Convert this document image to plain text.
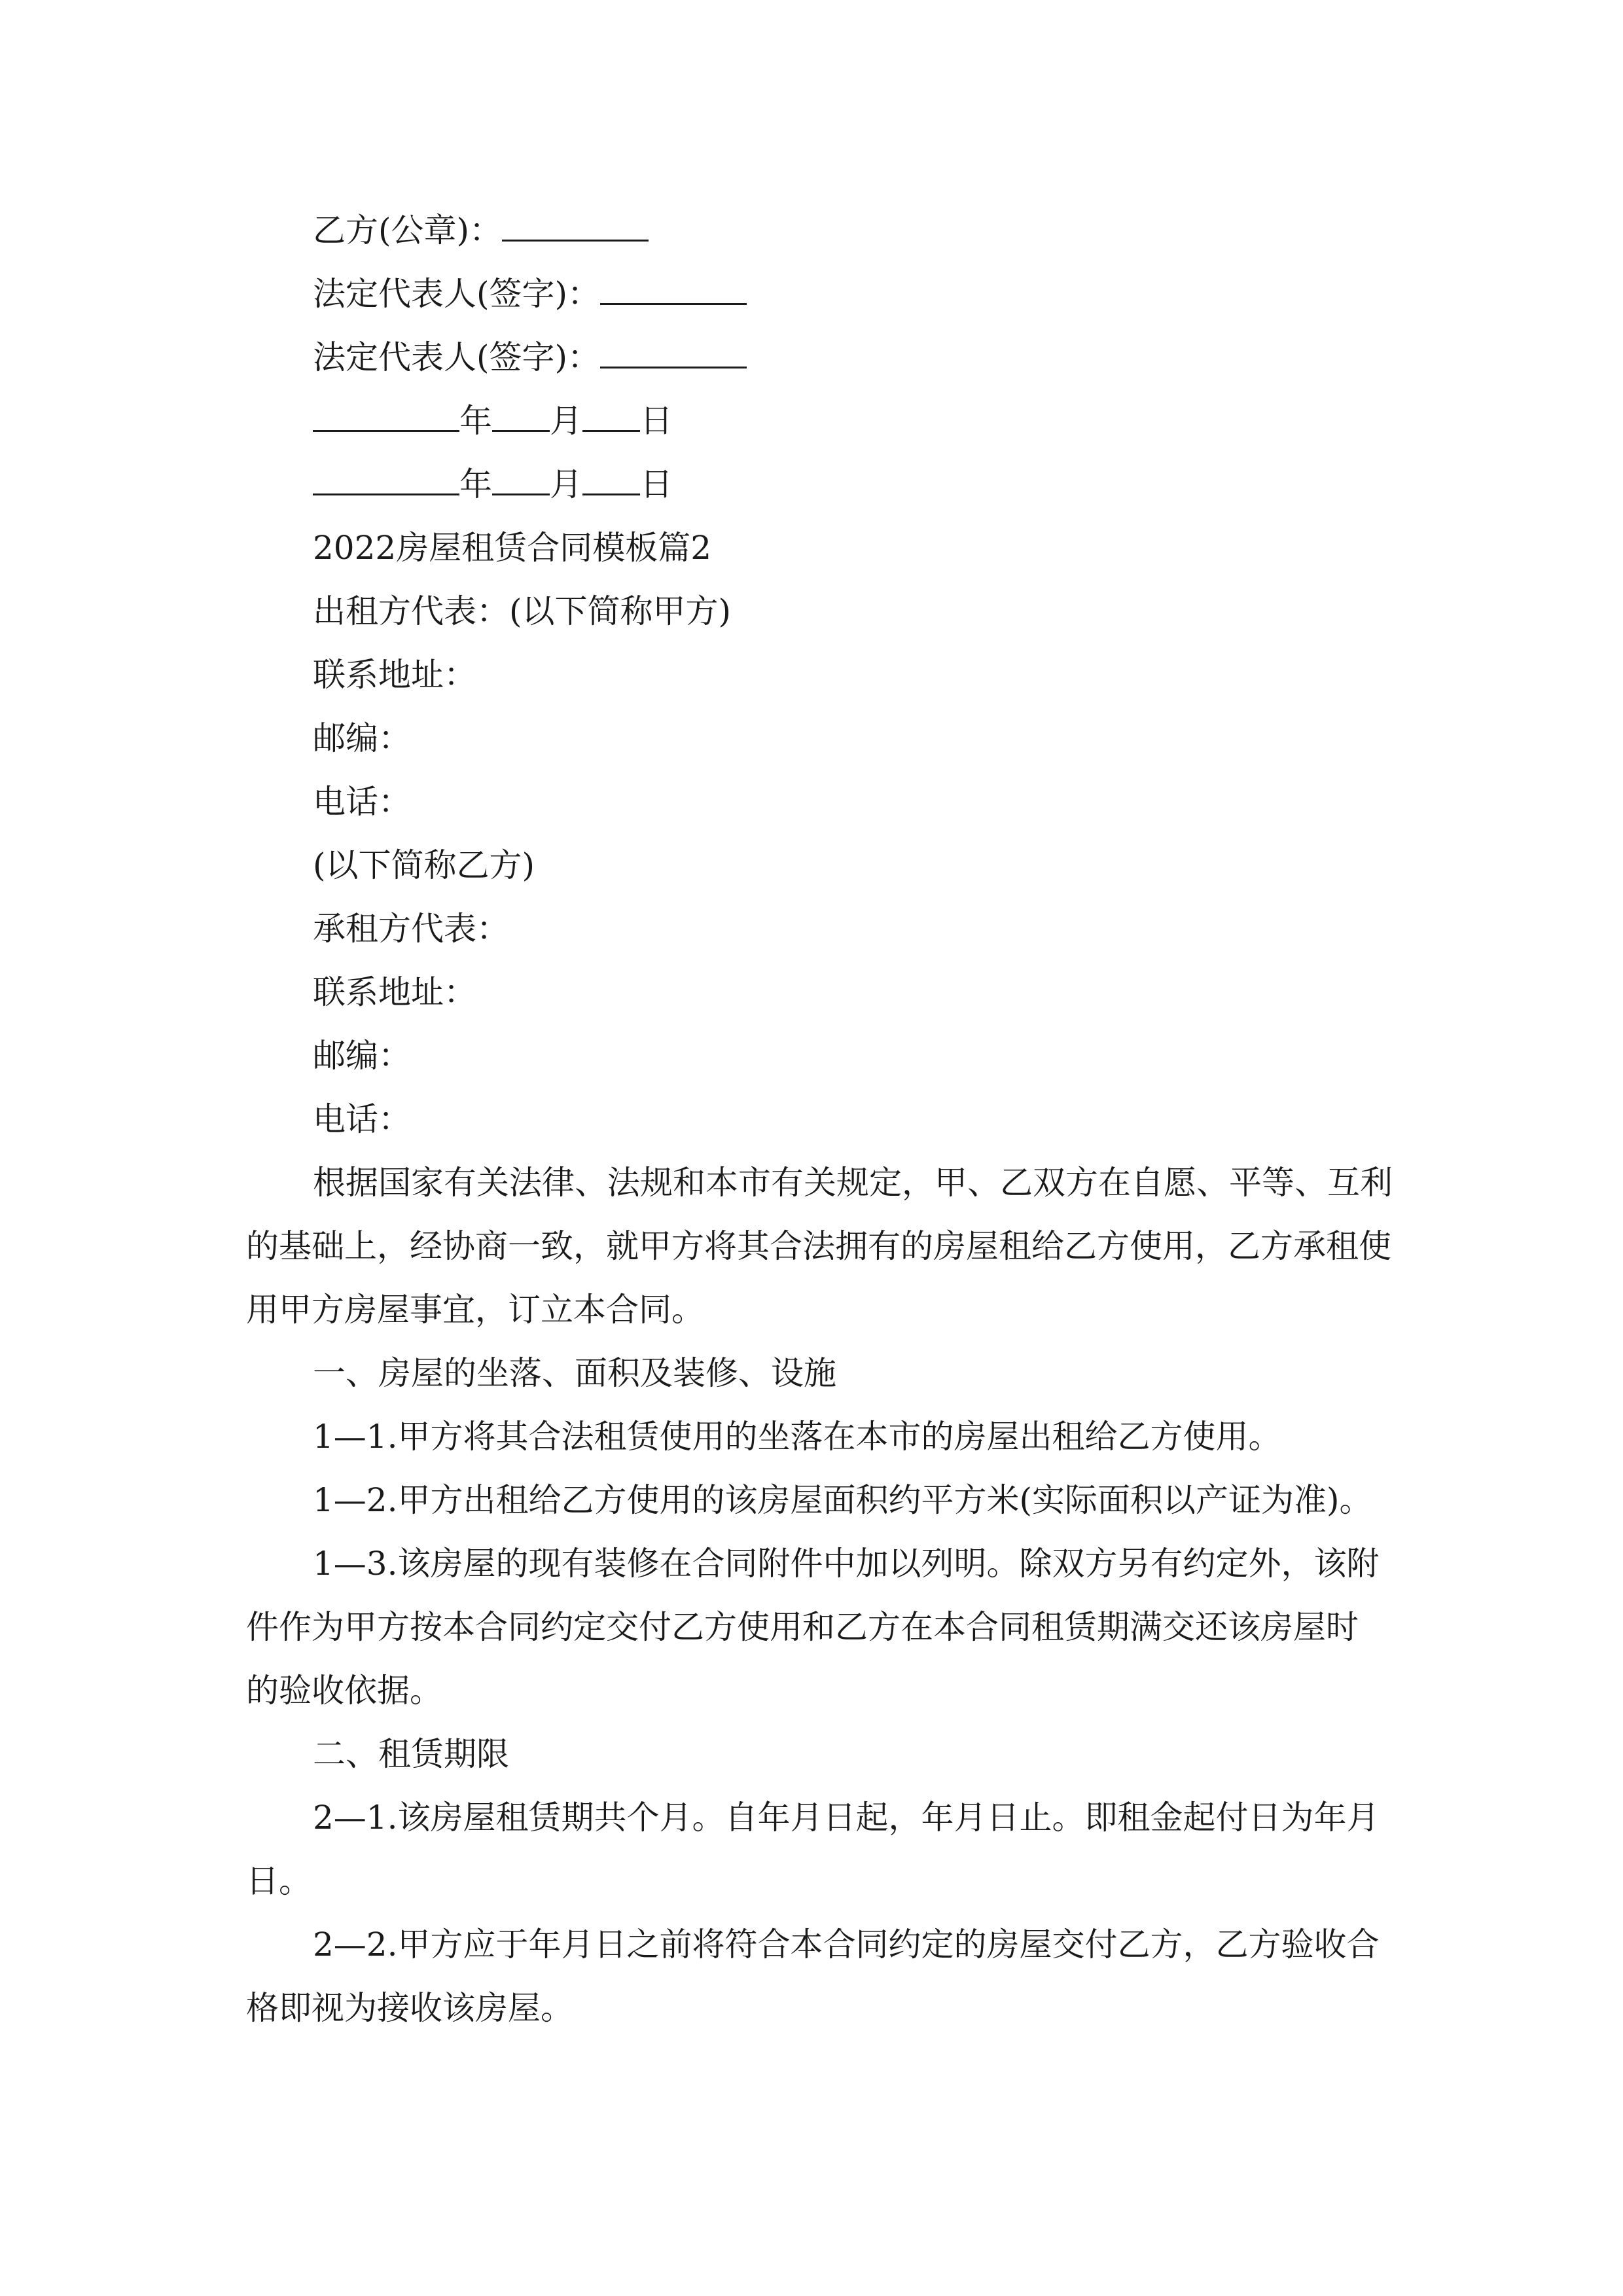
乙方(公章)：
法定代表人(签字)：
法定代表人(签字)：
年 月 日
年 月 日
2022房屋租赁合同模板篇2
出租方代表：(以下简称甲方)
联系地址：
邮编：
电话：
(以下简称乙方)
承租方代表：
联系地址：
邮编：
电话：
根据国家有关法律、法规和本市有关规定，甲、乙双方在自愿、平等、互利
的基础上，经协商一致，就甲方将其合法拥有的房屋租给乙方使用，乙方承租使
用甲方房屋事宜，订立本合同。
一、房屋的坐落、面积及装修、设施
1—1.甲方将其合法租赁使用的坐落在本市的房屋出租给乙方使用。
1—2.甲方出租给乙方使用的该房屋面积约平方米(实际面积以产证为准)。
1—3.该房屋的现有装修在合同附件中加以列明。除双方另有约定外，该附
件作为甲方按本合同约定交付乙方使用和乙方在本合同租赁期满交还该房屋时
的验收依据。
二、租赁期限
2—1.该房屋租赁期共个月。自年月日起，年月日止。即租金起付日为年月
日。
2—2.甲方应于年月日之前将符合本合同约定的房屋交付乙方，乙方验收合
格即视为接收该房屋。
